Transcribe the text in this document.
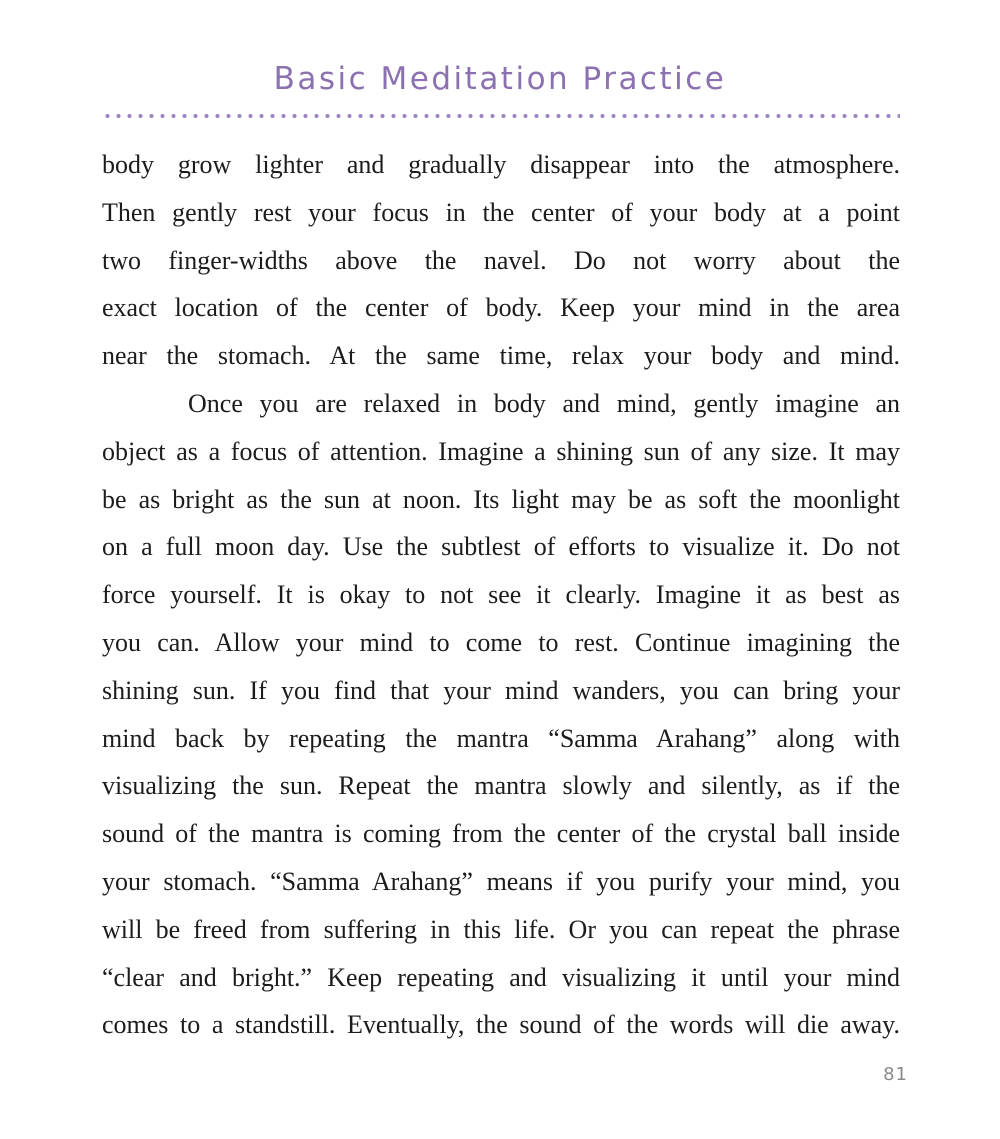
Basic Meditation Practice
body grow lighter and gradually disappear into the atmosphere.
Then gently rest your focus in the center of your body at a point
two finger-widths above the navel. Do not worry about the
exact location of the center of body. Keep your mind in the area
near the stomach. At the same time, relax your body and mind.
Once you are relaxed in body and mind, gently imagine an
object as a focus of attention. Imagine a shining sun of any size. It may
be as bright as the sun at noon. Its light may be as soft the moonlight
on a full moon day. Use the subtlest of efforts to visualize it. Do not
force yourself. It is okay to not see it clearly. Imagine it as best as
you can. Allow your mind to come to rest. Continue imagining the
shining sun. If you find that your mind wanders, you can bring your
mind back by repeating the mantra “Samma Arahang” along with
visualizing the sun. Repeat the mantra slowly and silently, as if the
sound of the mantra is coming from the center of the crystal ball inside
your stomach. “Samma Arahang” means if you purify your mind, you
will be freed from suffering in this life. Or you can repeat the phrase
“clear and bright.” Keep repeating and visualizing it until your mind
comes to a standstill. Eventually, the sound of the words will die away.
81
